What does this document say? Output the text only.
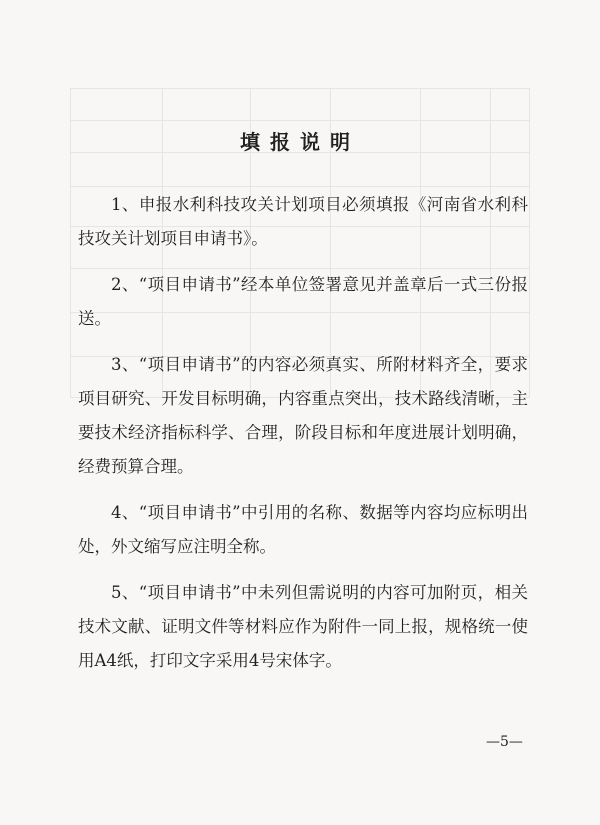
填报说明

1、申报水利科技攻关计划项目必须填报《河南省水利科技攻关计划项目申请书》。

2、“项目申请书”经本单位签署意见并盖章后一式三份报送。

3、“项目申请书”的内容必须真实、所附材料齐全，要求项目研究、开发目标明确，内容重点突出，技术路线清晰，主要技术经济指标科学、合理，阶段目标和年度进展计划明确，经费预算合理。

4、“项目申请书”中引用的名称、数据等内容均应标明出处，外文缩写应注明全称。

5、“项目申请书”中未列但需说明的内容可加附页，相关技术文献、证明文件等材料应作为附件一同上报，规格统一使用A4纸，打印文字采用4号宋体字。

—5—
